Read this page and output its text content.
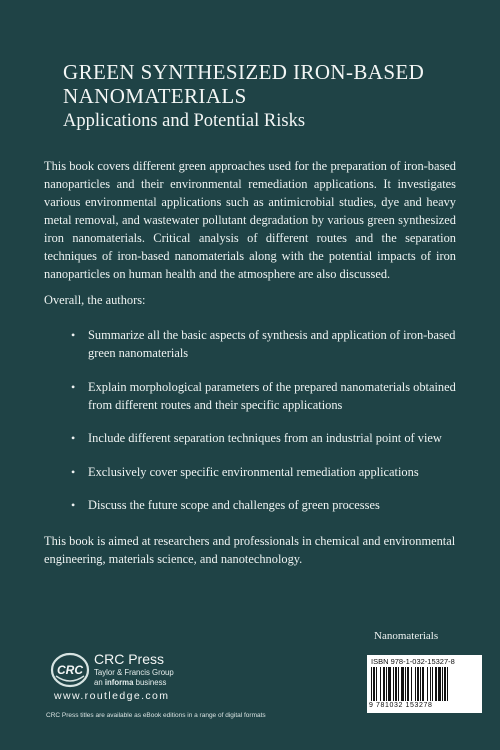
GREEN SYNTHESIZED IRON-BASED NANOMATERIALS
Applications and Potential Risks

This book covers different green approaches used for the preparation of iron-based nanoparticles and their environmental remediation applications. It investigates various environmental applications such as antimicrobial studies, dye and heavy metal removal, and wastewater pollutant degradation by various green synthesized iron nanomaterials. Critical analysis of different routes and the separation techniques of iron-based nanomaterials along with the potential impacts of iron nanoparticles on human health and the atmosphere are also discussed.

Overall, the authors:

• Summarize all the basic aspects of synthesis and application of iron-based green nanomaterials
• Explain morphological parameters of the prepared nanomaterials obtained from different routes and their specific applications
• Include different separation techniques from an industrial point of view
• Exclusively cover specific environmental remediation applications
• Discuss the future scope and challenges of green processes

This book is aimed at researchers and professionals in chemical and environmental engineering, materials science, and nanotechnology.

Nanomaterials
CRC
CRC Press
Taylor & Francis Group
an informa business
www.routledge.com
CRC Press titles are available as eBook editions in a range of digital formats
ISBN 978-1-032-15327-8
9 781032 153278
